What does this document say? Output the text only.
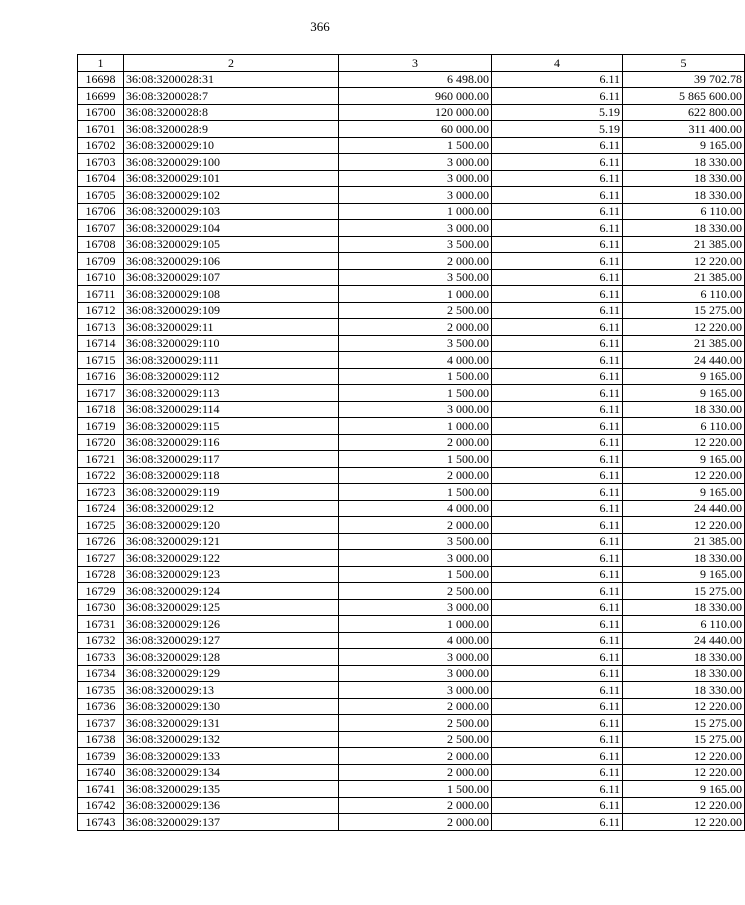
366
1	2	3	4	5
16698	36:08:3200028:31	6 498.00	6.11	39 702.78
16699	36:08:3200028:7	960 000.00	6.11	5 865 600.00
16700	36:08:3200028:8	120 000.00	5.19	622 800.00
16701	36:08:3200028:9	60 000.00	5.19	311 400.00
16702	36:08:3200029:10	1 500.00	6.11	9 165.00
16703	36:08:3200029:100	3 000.00	6.11	18 330.00
16704	36:08:3200029:101	3 000.00	6.11	18 330.00
16705	36:08:3200029:102	3 000.00	6.11	18 330.00
16706	36:08:3200029:103	1 000.00	6.11	6 110.00
16707	36:08:3200029:104	3 000.00	6.11	18 330.00
16708	36:08:3200029:105	3 500.00	6.11	21 385.00
16709	36:08:3200029:106	2 000.00	6.11	12 220.00
16710	36:08:3200029:107	3 500.00	6.11	21 385.00
16711	36:08:3200029:108	1 000.00	6.11	6 110.00
16712	36:08:3200029:109	2 500.00	6.11	15 275.00
16713	36:08:3200029:11	2 000.00	6.11	12 220.00
16714	36:08:3200029:110	3 500.00	6.11	21 385.00
16715	36:08:3200029:111	4 000.00	6.11	24 440.00
16716	36:08:3200029:112	1 500.00	6.11	9 165.00
16717	36:08:3200029:113	1 500.00	6.11	9 165.00
16718	36:08:3200029:114	3 000.00	6.11	18 330.00
16719	36:08:3200029:115	1 000.00	6.11	6 110.00
16720	36:08:3200029:116	2 000.00	6.11	12 220.00
16721	36:08:3200029:117	1 500.00	6.11	9 165.00
16722	36:08:3200029:118	2 000.00	6.11	12 220.00
16723	36:08:3200029:119	1 500.00	6.11	9 165.00
16724	36:08:3200029:12	4 000.00	6.11	24 440.00
16725	36:08:3200029:120	2 000.00	6.11	12 220.00
16726	36:08:3200029:121	3 500.00	6.11	21 385.00
16727	36:08:3200029:122	3 000.00	6.11	18 330.00
16728	36:08:3200029:123	1 500.00	6.11	9 165.00
16729	36:08:3200029:124	2 500.00	6.11	15 275.00
16730	36:08:3200029:125	3 000.00	6.11	18 330.00
16731	36:08:3200029:126	1 000.00	6.11	6 110.00
16732	36:08:3200029:127	4 000.00	6.11	24 440.00
16733	36:08:3200029:128	3 000.00	6.11	18 330.00
16734	36:08:3200029:129	3 000.00	6.11	18 330.00
16735	36:08:3200029:13	3 000.00	6.11	18 330.00
16736	36:08:3200029:130	2 000.00	6.11	12 220.00
16737	36:08:3200029:131	2 500.00	6.11	15 275.00
16738	36:08:3200029:132	2 500.00	6.11	15 275.00
16739	36:08:3200029:133	2 000.00	6.11	12 220.00
16740	36:08:3200029:134	2 000.00	6.11	12 220.00
16741	36:08:3200029:135	1 500.00	6.11	9 165.00
16742	36:08:3200029:136	2 000.00	6.11	12 220.00
16743	36:08:3200029:137	2 000.00	6.11	12 220.00
